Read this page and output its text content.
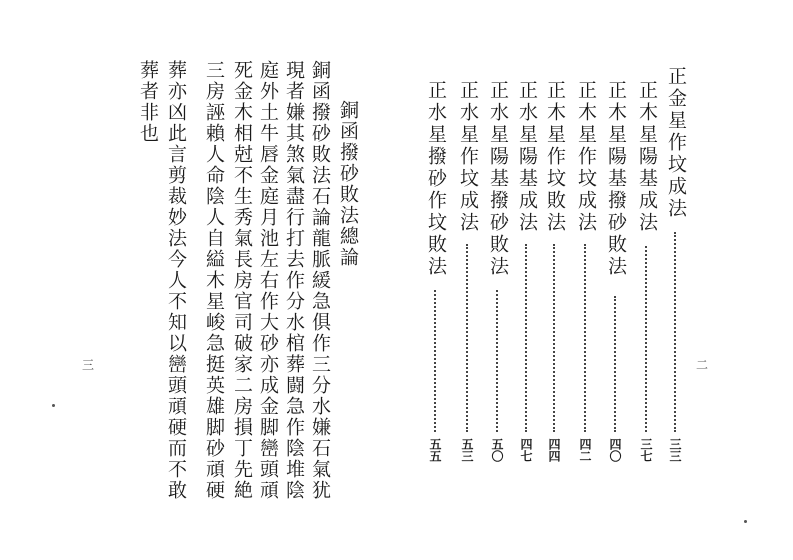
銅函撥砂敗法總論
銅函撥砂敗法石論龍脈緩急俱作三分水嫌石氣犹
現者嫌其煞氣盡行打去作分水棺葬闘急作陰堆陰
庭外土牛唇金庭月池左右作大砂亦成金脚巒頭頑
死金木相尅不生秀氣長房官司破家二房損丁先絶
三房誣賴人命陰人自縊木星峻急挺英雄脚砂頑硬
葬亦凶此言剪裁妙法今人不知以巒頭頑硬而不敢
葬者非也
三
正金星作坟成法
三三
正木星陽基成法
三七
正木星陽基撥砂敗法
四〇
正木星作坟成法
四二
正木星作坟敗法
四四
正水星陽基成法
四七
正水星陽基撥砂敗法
五〇
正水星作坟成法
五三
正水星撥砂作坟敗法
五五
二
